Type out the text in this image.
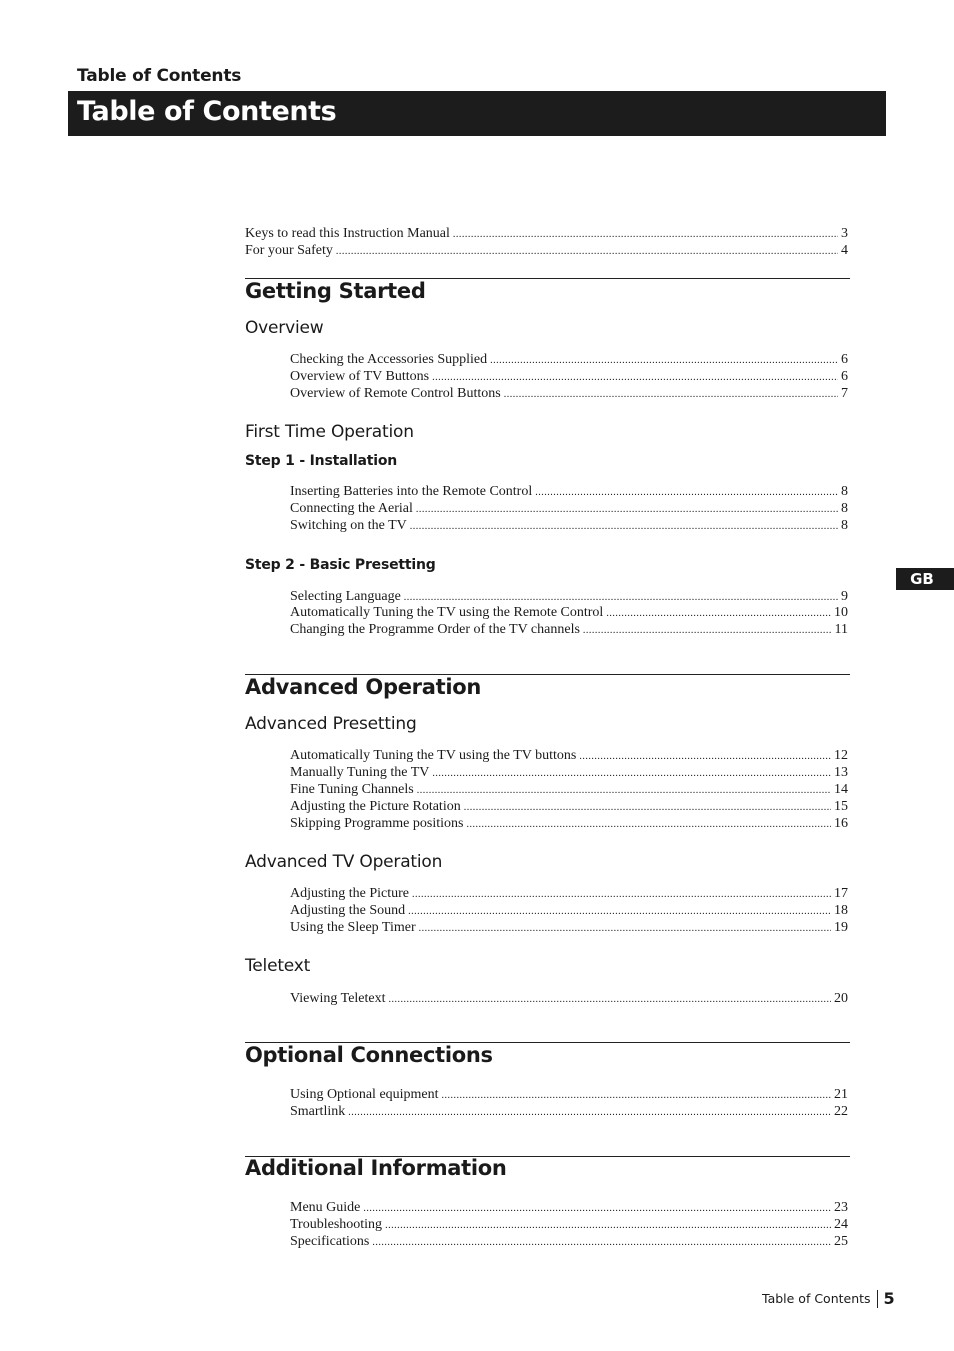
Table of Contents
Table of Contents
GB
Keys to read this Instruction Manual .....	3
For your Safety .....	4
Getting Started
Overview
Checking the Accessories Supplied .....	6
Overview of TV Buttons .....	6
Overview of Remote Control Buttons .....	7
First Time Operation
Step 1 - Installation
Inserting Batteries into the Remote Control .....	8
Connecting the Aerial .....	8
Switching on the TV .....	8
Step 2 - Basic Presetting
Selecting Language .....	9
Automatically Tuning the TV using the Remote Control .....	10
Changing the Programme Order of the TV channels .....	11
Advanced Operation
Advanced Presetting
Automatically Tuning the TV using the TV buttons .....	12
Manually Tuning the TV .....	13
Fine Tuning Channels .....	14
Adjusting the Picture Rotation .....	15
Skipping Programme positions .....	16
Advanced TV Operation
Adjusting the Picture .....	17
Adjusting the Sound .....	18
Using the Sleep Timer .....	19
Teletext
Viewing Teletext .....	20
Optional Connections
Using Optional equipment .....	21
Smartlink .....	22
Additional Information
Menu Guide .....	23
Troubleshooting .....	24
Specifications .....	25
Table of Contents 5
